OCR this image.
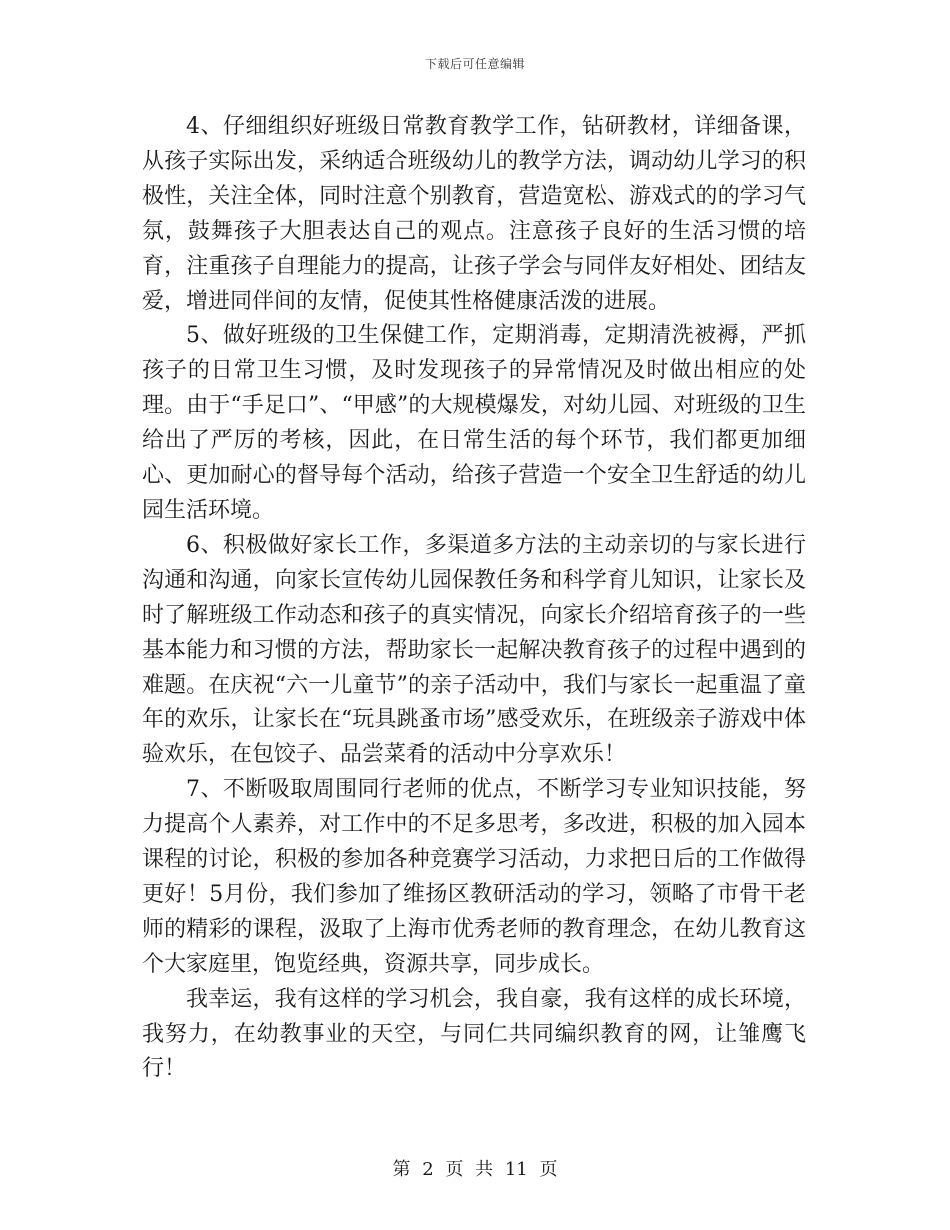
下载后可任意编辑

4、仔细组织好班级日常教育教学工作，钻研教材，详细备课，从孩子实际出发，采纳适合班级幼儿的教学方法，调动幼儿学习的积极性，关注全体，同时注意个别教育，营造宽松、游戏式的的学习气氛，鼓舞孩子大胆表达自己的观点。注意孩子良好的生活习惯的培育，注重孩子自理能力的提高，让孩子学会与同伴友好相处、团结友爱，增进同伴间的友情，促使其性格健康活泼的进展。

5、做好班级的卫生保健工作，定期消毒，定期清洗被褥，严抓孩子的日常卫生习惯，及时发现孩子的异常情况及时做出相应的处理。由于“手足口”、“甲感”的大规模爆发，对幼儿园、对班级的卫生给出了严厉的考核，因此，在日常生活的每个环节，我们都更加细心、更加耐心的督导每个活动，给孩子营造一个安全卫生舒适的幼儿园生活环境。

6、积极做好家长工作，多渠道多方法的主动亲切的与家长进行沟通和沟通，向家长宣传幼儿园保教任务和科学育儿知识，让家长及时了解班级工作动态和孩子的真实情况，向家长介绍培育孩子的一些基本能力和习惯的方法，帮助家长一起解决教育孩子的过程中遇到的难题。在庆祝“六一儿童节”的亲子活动中，我们与家长一起重温了童年的欢乐，让家长在“玩具跳蚤市场”感受欢乐，在班级亲子游戏中体验欢乐，在包饺子、品尝菜肴的活动中分享欢乐！

7、不断吸取周围同行老师的优点，不断学习专业知识技能，努力提高个人素养，对工作中的不足多思考，多改进，积极的加入园本课程的讨论，积极的参加各种竞赛学习活动，力求把日后的工作做得更好！5月份，我们参加了维扬区教研活动的学习，领略了市骨干老师的精彩的课程，汲取了上海市优秀老师的教育理念，在幼儿教育这个大家庭里，饱览经典，资源共享，同步成长。

我幸运，我有这样的学习机会，我自豪，我有这样的成长环境，我努力，在幼教事业的天空，与同仁共同编织教育的网，让雏鹰飞行！

第 2 页 共 11 页
